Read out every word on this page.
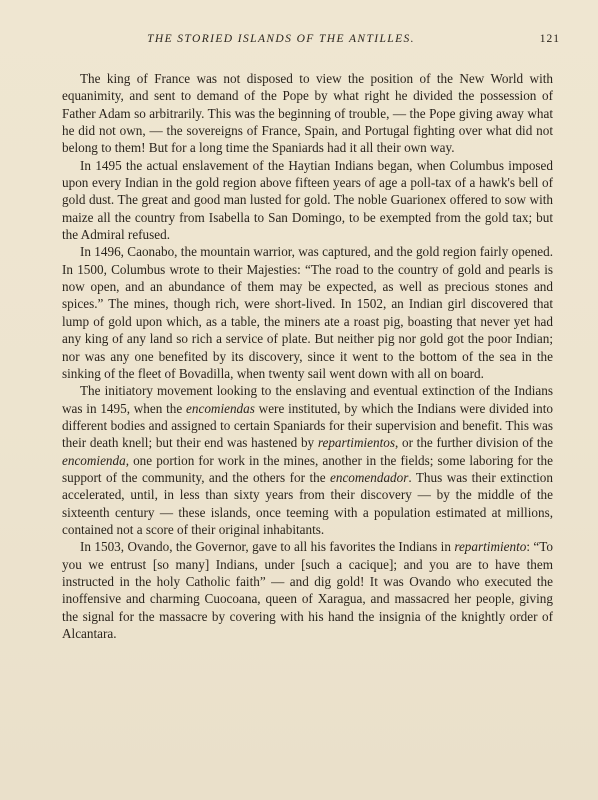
THE STORIED ISLANDS OF THE ANTILLES.	121

The king of France was not disposed to view the position of the New World with equanimity, and sent to demand of the Pope by what right he divided the possession of Father Adam so arbitrarily. This was the beginning of trouble, — the Pope giving away what he did not own, — the sovereigns of France, Spain, and Portugal fighting over what did not belong to them! But for a long time the Spaniards had it all their own way.

In 1495 the actual enslavement of the Haytian Indians began, when Columbus imposed upon every Indian in the gold region above fifteen years of age a poll-tax of a hawk's bell of gold dust. The great and good man lusted for gold. The noble Guarionex offered to sow with maize all the country from Isabella to San Domingo, to be exempted from the gold tax; but the Admiral refused.

In 1496, Caonabo, the mountain warrior, was captured, and the gold region fairly opened. In 1500, Columbus wrote to their Majesties: “The road to the country of gold and pearls is now open, and an abundance of them may be expected, as well as precious stones and spices.” The mines, though rich, were short-lived. In 1502, an Indian girl discovered that lump of gold upon which, as a table, the miners ate a roast pig, boasting that never yet had any king of any land so rich a service of plate. But neither pig nor gold got the poor Indian; nor was any one benefited by its discovery, since it went to the bottom of the sea in the sinking of the fleet of Bovadilla, when twenty sail went down with all on board.

The initiatory movement looking to the enslaving and eventual extinction of the Indians was in 1495, when the encomiendas were instituted, by which the Indians were divided into different bodies and assigned to certain Spaniards for their supervision and benefit. This was their death knell; but their end was hastened by repartimientos, or the further division of the encomienda, one portion for work in the mines, another in the fields; some laboring for the support of the community, and the others for the encomendador. Thus was their extinction accelerated, until, in less than sixty years from their discovery — by the middle of the sixteenth century — these islands, once teeming with a population estimated at millions, contained not a score of their original inhabitants.

In 1503, Ovando, the Governor, gave to all his favorites the Indians in repartimiento: “To you we entrust [so many] Indians, under [such a cacique]; and you are to have them instructed in the holy Catholic faith” — and dig gold! It was Ovando who executed the inoffensive and charming Cuocoana, queen of Xaragua, and massacred her people, giving the signal for the massacre by covering with his hand the insignia of the knightly order of Alcantara.
